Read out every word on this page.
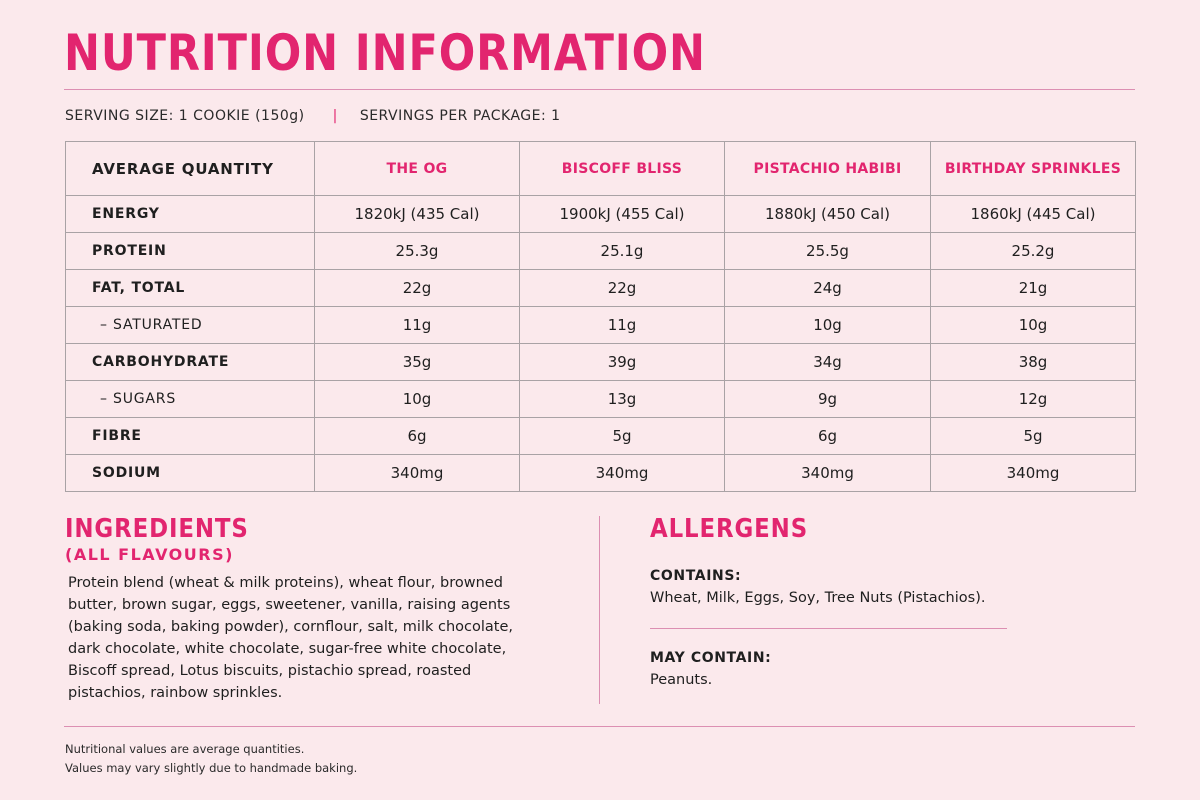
NUTRITION INFORMATION
SERVING SIZE: 1 COOKIE (150g) | SERVINGS PER PACKAGE: 1
AVERAGE QUANTITY	THE OG	BISCOFF BLISS	PISTACHIO HABIBI	BIRTHDAY SPRINKLES
ENERGY	1820kJ (435 Cal)	1900kJ (455 Cal)	1880kJ (450 Cal)	1860kJ (445 Cal)
PROTEIN	25.3g	25.1g	25.5g	25.2g
FAT, TOTAL	22g	22g	24g	21g
– SATURATED	11g	11g	10g	10g
CARBOHYDRATE	35g	39g	34g	38g
– SUGARS	10g	13g	9g	12g
FIBRE	6g	5g	6g	5g
SODIUM	340mg	340mg	340mg	340mg
INGREDIENTS

(ALL FLAVOURS)

Protein blend (wheat & milk proteins), wheat flour, browned butter, brown sugar, eggs, sweetener, vanilla, raising agents (baking soda, baking powder), cornflour, salt, milk chocolate, dark chocolate, white chocolate, sugar-free white chocolate, Biscoff spread, Lotus biscuits, pistachio spread, roasted pistachios, rainbow sprinkles.

ALLERGENS
CONTAINS:
Wheat, Milk, Eggs, Soy, Tree Nuts (Pistachios).
MAY CONTAIN:
Peanuts.
Nutritional values are average quantities.
Values may vary slightly due to handmade baking.
